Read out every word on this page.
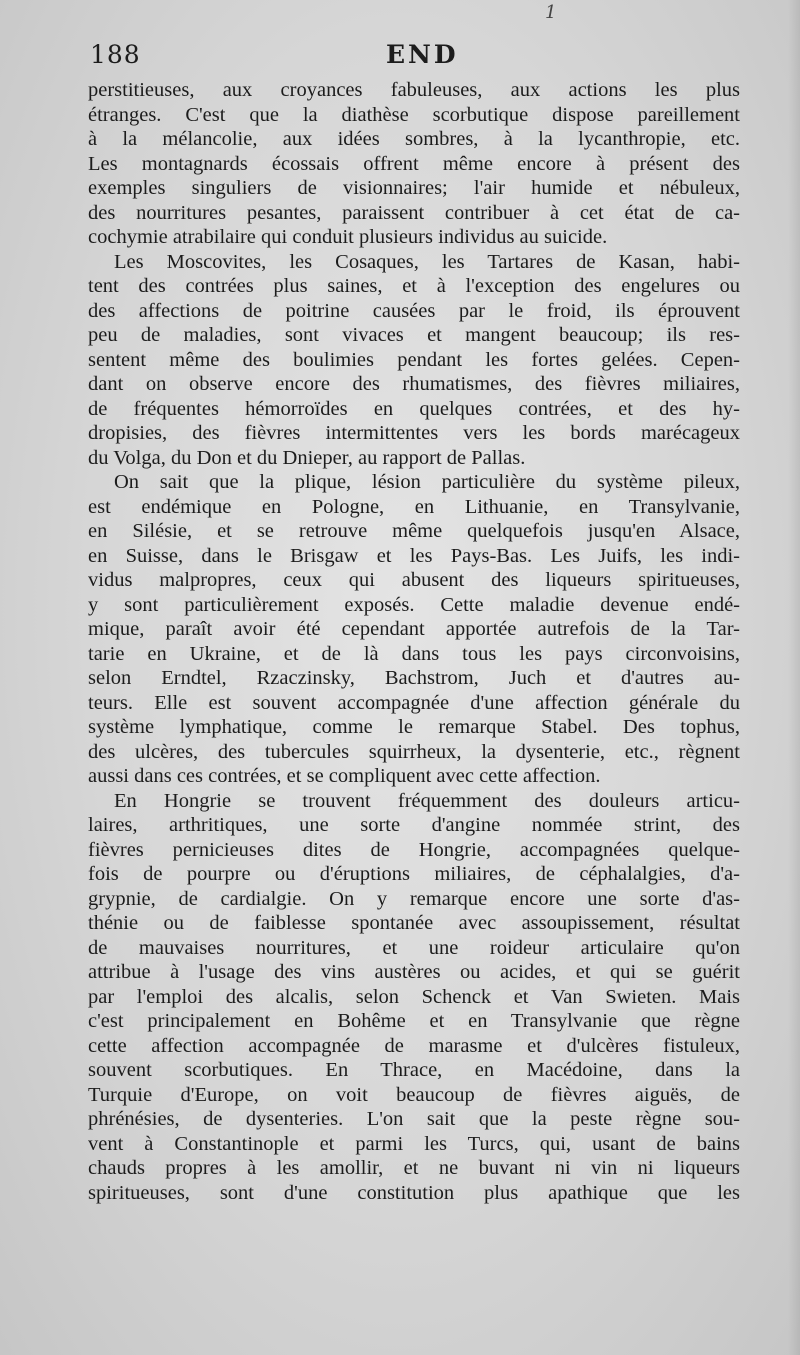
1
188	END
perstitieuses, aux croyances fabuleuses, aux actions les plus
étranges. C'est que la diathèse scorbutique dispose pareillement
à la mélancolie, aux idées sombres, à la lycanthropie, etc.
Les montagnards écossais offrent même encore à présent des
exemples singuliers de visionnaires; l'air humide et nébuleux,
des nourritures pesantes, paraissent contribuer à cet état de ca-
cochymie atrabilaire qui conduit plusieurs individus au suicide.
Les Moscovites, les Cosaques, les Tartares de Kasan, habi-
tent des contrées plus saines, et à l'exception des engelures ou
des affections de poitrine causées par le froid, ils éprouvent
peu de maladies, sont vivaces et mangent beaucoup; ils res-
sentent même des boulimies pendant les fortes gelées. Cepen-
dant on observe encore des rhumatismes, des fièvres miliaires,
de fréquentes hémorroïdes en quelques contrées, et des hy-
dropisies, des fièvres intermittentes vers les bords marécageux
du Volga, du Don et du Dnieper, au rapport de Pallas.
On sait que la plique, lésion particulière du système pileux,
est endémique en Pologne, en Lithuanie, en Transylvanie,
en Silésie, et se retrouve même quelquefois jusqu'en Alsace,
en Suisse, dans le Brisgaw et les Pays-Bas. Les Juifs, les indi-
vidus malpropres, ceux qui abusent des liqueurs spiritueuses,
y sont particulièrement exposés. Cette maladie devenue endé-
mique, paraît avoir été cependant apportée autrefois de la Tar-
tarie en Ukraine, et de là dans tous les pays circonvoisins,
selon Erndtel, Rzaczinsky, Bachstrom, Juch et d'autres au-
teurs. Elle est souvent accompagnée d'une affection générale du
système lymphatique, comme le remarque Stabel. Des tophus,
des ulcères, des tubercules squirrheux, la dysenterie, etc., règnent
aussi dans ces contrées, et se compliquent avec cette affection.
En Hongrie se trouvent fréquemment des douleurs articu-
laires, arthritiques, une sorte d'angine nommée strint, des
fièvres pernicieuses dites de Hongrie, accompagnées quelque-
fois de pourpre ou d'éruptions miliaires, de céphalalgies, d'a-
grypnie, de cardialgie. On y remarque encore une sorte d'as-
thénie ou de faiblesse spontanée avec assoupissement, résultat
de mauvaises nourritures, et une roideur articulaire qu'on
attribue à l'usage des vins austères ou acides, et qui se guérit
par l'emploi des alcalis, selon Schenck et Van Swieten. Mais
c'est principalement en Bohême et en Transylvanie que règne
cette affection accompagnée de marasme et d'ulcères fistuleux,
souvent scorbutiques. En Thrace, en Macédoine, dans la
Turquie d'Europe, on voit beaucoup de fièvres aiguës, de
phrénésies, de dysenteries. L'on sait que la peste règne sou-
vent à Constantinople et parmi les Turcs, qui, usant de bains
chauds propres à les amollir, et ne buvant ni vin ni liqueurs
spiritueuses, sont d'une constitution plus apathique que les
